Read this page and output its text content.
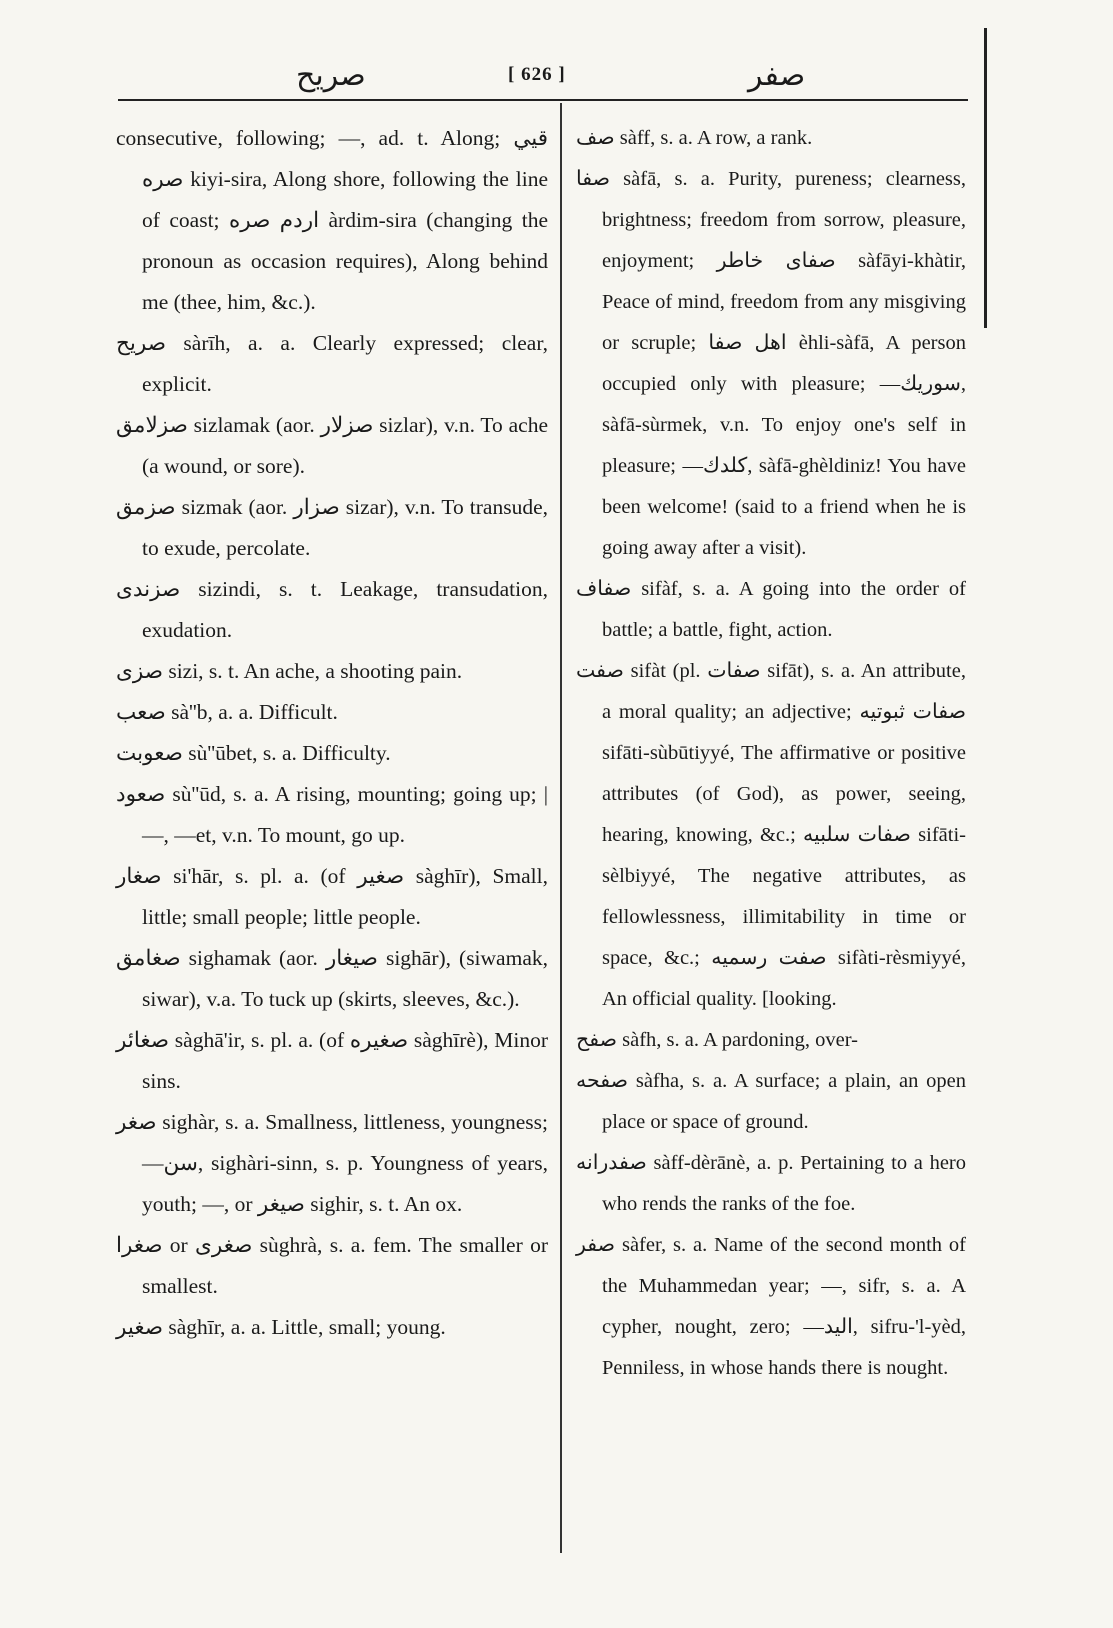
صريح	[ 626 ]	صفر

consecutive, following; —, ad. t. Along; قيي صره kiyi-sira, Along shore, following the line of coast; اردم صره àrdim-sira (changing the pronoun as occasion requires), Along behind me (thee, him, &c.).

صريح sàrīh, a. a. Clearly expressed; clear, explicit.

صزلامق sizlamak (aor. صزلار sizlar), v.n. To ache (a wound, or sore).

صزمق sizmak (aor. صزار sizar), v.n. To transude, to exude, percolate.

صزندی sizindi, s. t. Leakage, transudation, exudation.

صزی sizi, s. t. An ache, a shooting pain.

صعب sà''b, a. a. Difficult.

صعوبت sù''ūbet, s. a. Difficulty.

صعود sù''ūd, s. a. A rising, mounting; going up; |—, —et, v.n. To mount, go up.

صغار si'hār, s. pl. a. (of صغير sàghīr), Small, little; small people; little people.

صغامق sighamak (aor. صيغار sighār), (siwamak, siwar), v.a. To tuck up (skirts, sleeves, &c.).

صغائر sàghā'ir, s. pl. a. (of صغيره sàghīrè), Minor sins.

صغر sighàr, s. a. Smallness, littleness, youngness; —سن, sighàri-sinn, s. p. Youngness of years, youth; —, or صيغر sighir, s. t. An ox.

صغرا or صغری sùghrà, s. a. fem. The smaller or smallest.

صغير sàghīr, a. a. Little, small; young.

صف sàff, s. a. A row, a rank.

صفا sàfā, s. a. Purity, pureness; clearness, brightness; freedom from sorrow, pleasure, enjoyment; صفای خاطر sàfāyi-khàtir, Peace of mind, freedom from any misgiving or scruple; اهل صفا èhli-sàfā, A person occupied only with pleasure; —سوريك, sàfā-sùrmek, v.n. To enjoy one's self in pleasure; —كلدك, sàfā-ghèldiniz! You have been welcome! (said to a friend when he is going away after a visit).

صفاف sifàf, s. a. A going into the order of battle; a battle, fight, action.

صفت sifàt (pl. صفات sifāt), s. a. An attribute, a moral quality; an adjective; صفات ثبوتيه sifāti-sùbūtiyyé, The affirmative or positive attributes (of God), as power, seeing, hearing, knowing, &c.; صفات سلبيه sifāti-sèlbiyyé, The negative attributes, as fellowlessness, illimitability in time or space, &c.; صفت رسميه sifàti-rèsmiyyé, An official quality. [looking.

صفح sàfh, s. a. A pardoning, over-

صفحه sàfha, s. a. A surface; a plain, an open place or space of ground.

صفدرانه sàff-dèrānè, a. p. Pertaining to a hero who rends the ranks of the foe.

صفر sàfer, s. a. Name of the second month of the Muhammedan year; —, sifr, s. a. A cypher, nought, zero; —اليد, sifru-'l-yèd, Penniless, in whose hands there is nought.
